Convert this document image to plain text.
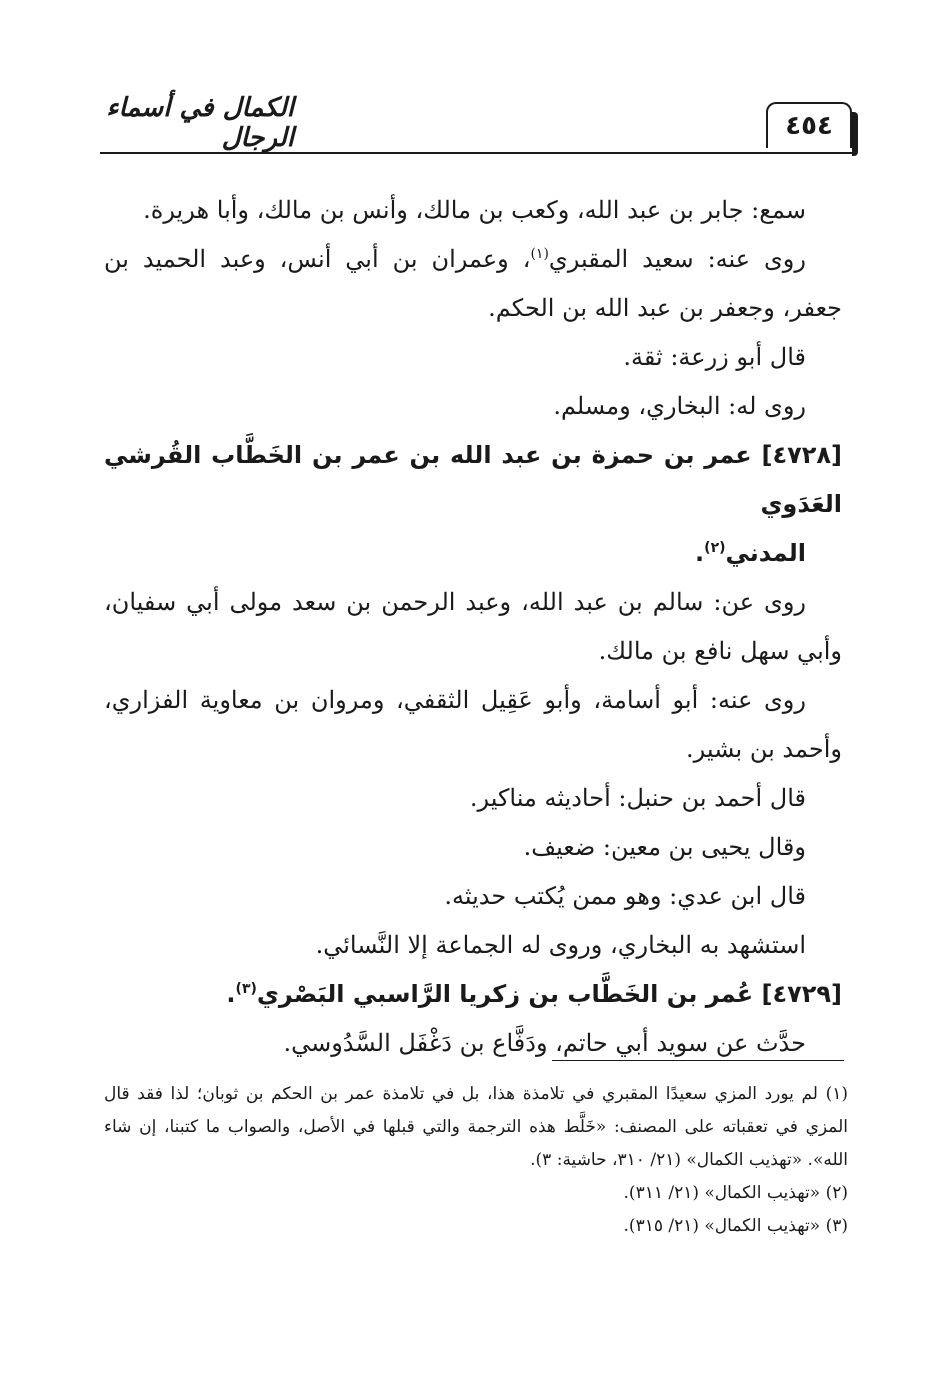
٤٥٤
الكمال في أسماء الرجال

سمع: جابر بن عبد الله، وكعب بن مالك، وأنس بن مالك، وأبا هريرة.

روى عنه: سعيد المقبري$^{(١)}$، وعمران بن أبي أنس، وعبد الحميد بن جعفر، وجعفر بن عبد الله بن الحكم.

قال أبو زرعة: ثقة.

روى له: البخاري، ومسلم.

[٤٧٢٨] عمر بن حمزة بن عبد الله بن عمر بن الخَطَّاب القُرشي العَدَوي
المدني$^{(٢)}$.

روى عن: سالم بن عبد الله، وعبد الرحمن بن سعد مولى أبي سفيان، وأبي سهل نافع بن مالك.

روى عنه: أبو أسامة، وأبو عَقِيل الثقفي، ومروان بن معاوية الفزاري، وأحمد بن بشير.

قال أحمد بن حنبل: أحاديثه مناكير.

وقال يحيى بن معين: ضعيف.

قال ابن عدي: وهو ممن يُكتب حديثه.

استشهد به البخاري، وروى له الجماعة إلا النَّسائي.

[٤٧٢٩] عُمر بن الخَطَّاب بن زكريا الرَّاسبي البَصْري$^{(٣)}$.

حدَّث عن سويد أبي حاتم، ودَفَّاع بن دَغْفَل السَّدُوسي.

(١) لم يورد المزي سعيدًا المقبري في تلامذة هذا، بل في تلامذة عمر بن الحكم بن ثوبان؛ لذا فقد قال المزي في تعقباته على المصنف: «خَلَّط هذه الترجمة والتي قبلها في الأصل، والصواب ما كتبنا، إن شاء الله». «تهذيب الكمال» (٢١/ ٣١٠، حاشية: ٣).

(٢) «تهذيب الكمال» (٢١/ ٣١١).

(٣) «تهذيب الكمال» (٢١/ ٣١٥).
